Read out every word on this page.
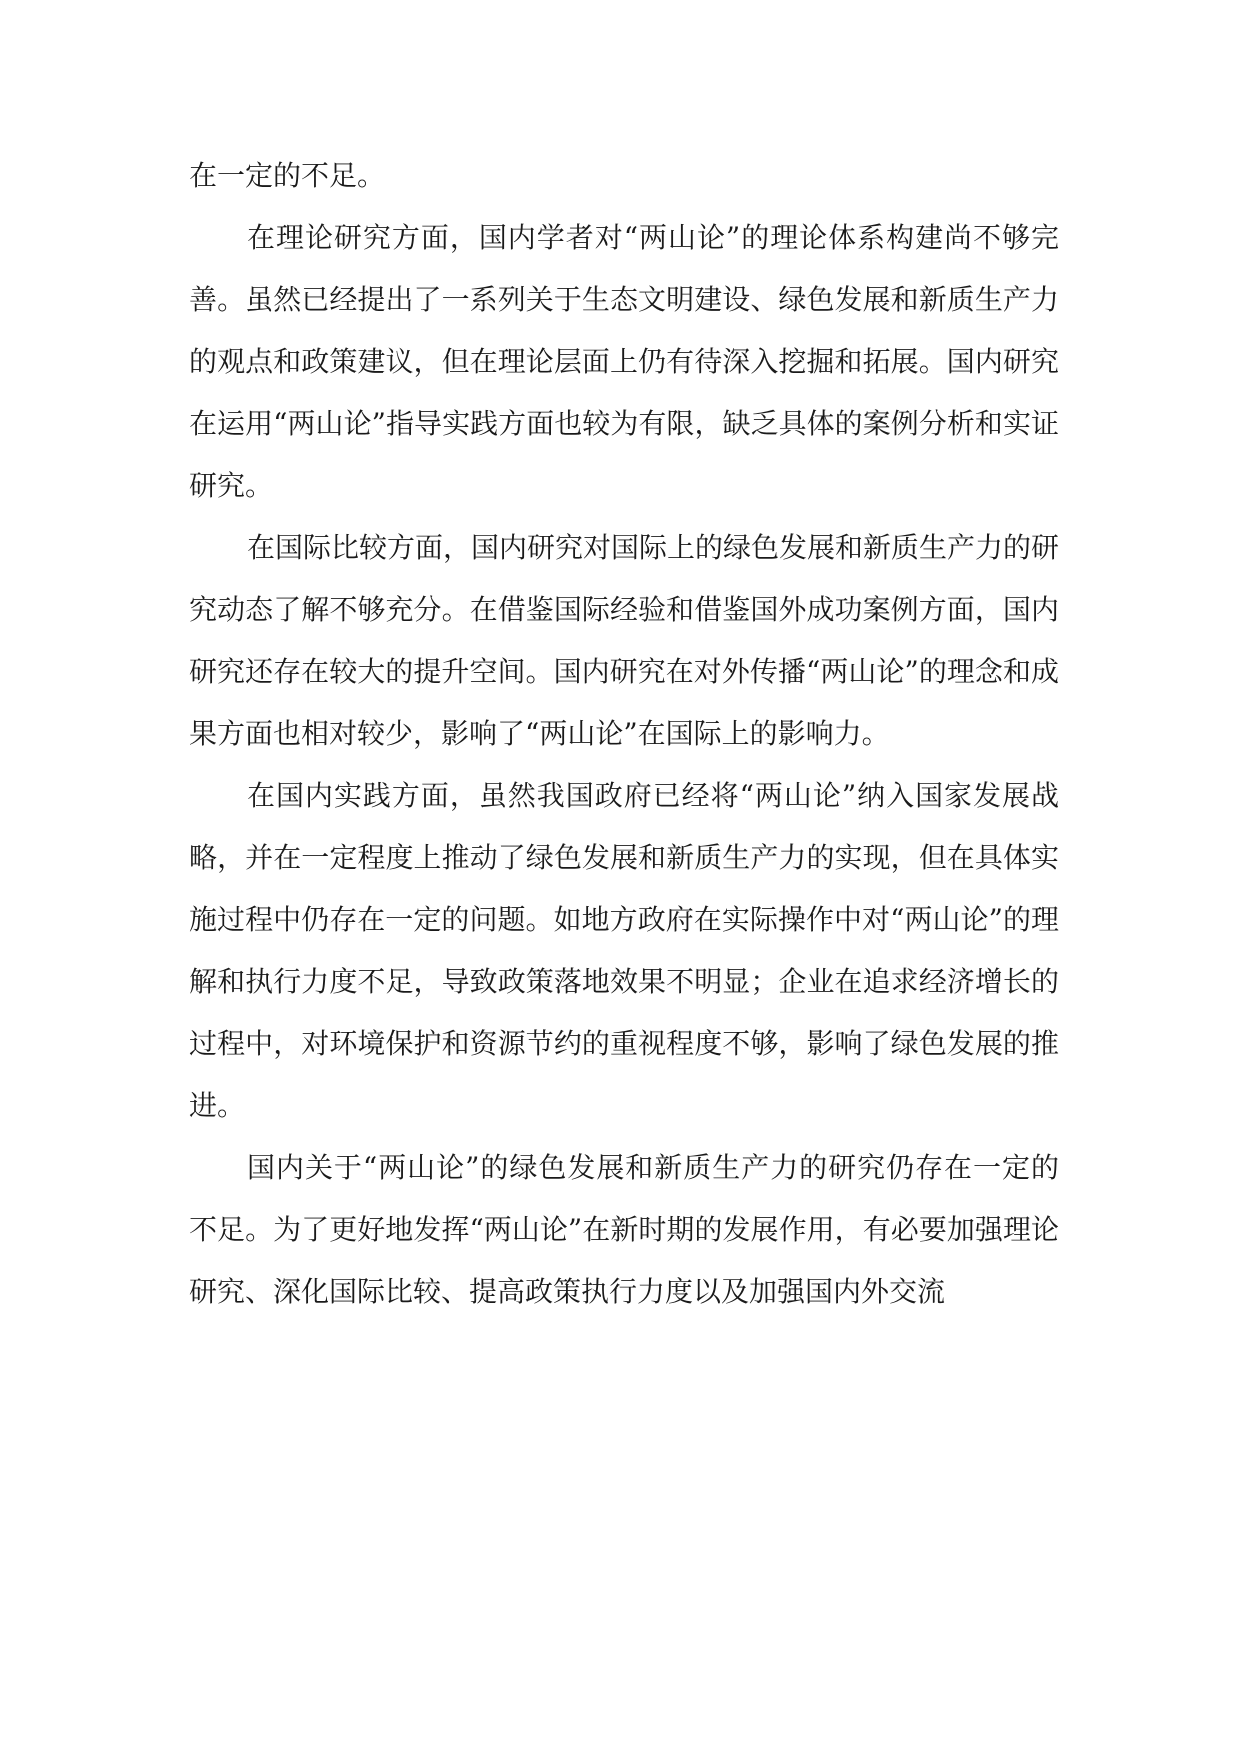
在一定的不足。

在理论研究方面，国内学者对“两山论”的理论体系构建尚不够完善。虽然已经提出了一系列关于生态文明建设、绿色发展和新质生产力的观点和政策建议，但在理论层面上仍有待深入挖掘和拓展。国内研究在运用“两山论”指导实践方面也较为有限，缺乏具体的案例分析和实证研究。

在国际比较方面，国内研究对国际上的绿色发展和新质生产力的研究动态了解不够充分。在借鉴国际经验和借鉴国外成功案例方面，国内研究还存在较大的提升空间。国内研究在对外传播“两山论”的理念和成果方面也相对较少，影响了“两山论”在国际上的影响力。

在国内实践方面，虽然我国政府已经将“两山论”纳入国家发展战略，并在一定程度上推动了绿色发展和新质生产力的实现，但在具体实施过程中仍存在一定的问题。如地方政府在实际操作中对“两山论”的理解和执行力度不足，导致政策落地效果不明显；企业在追求经济增长的过程中，对环境保护和资源节约的重视程度不够，影响了绿色发展的推进。

国内关于“两山论”的绿色发展和新质生产力的研究仍存在一定的不足。为了更好地发挥“两山论”在新时期的发展作用，有必要加强理论研究、深化国际比较、提高政策执行力度以及加强国内外交流
